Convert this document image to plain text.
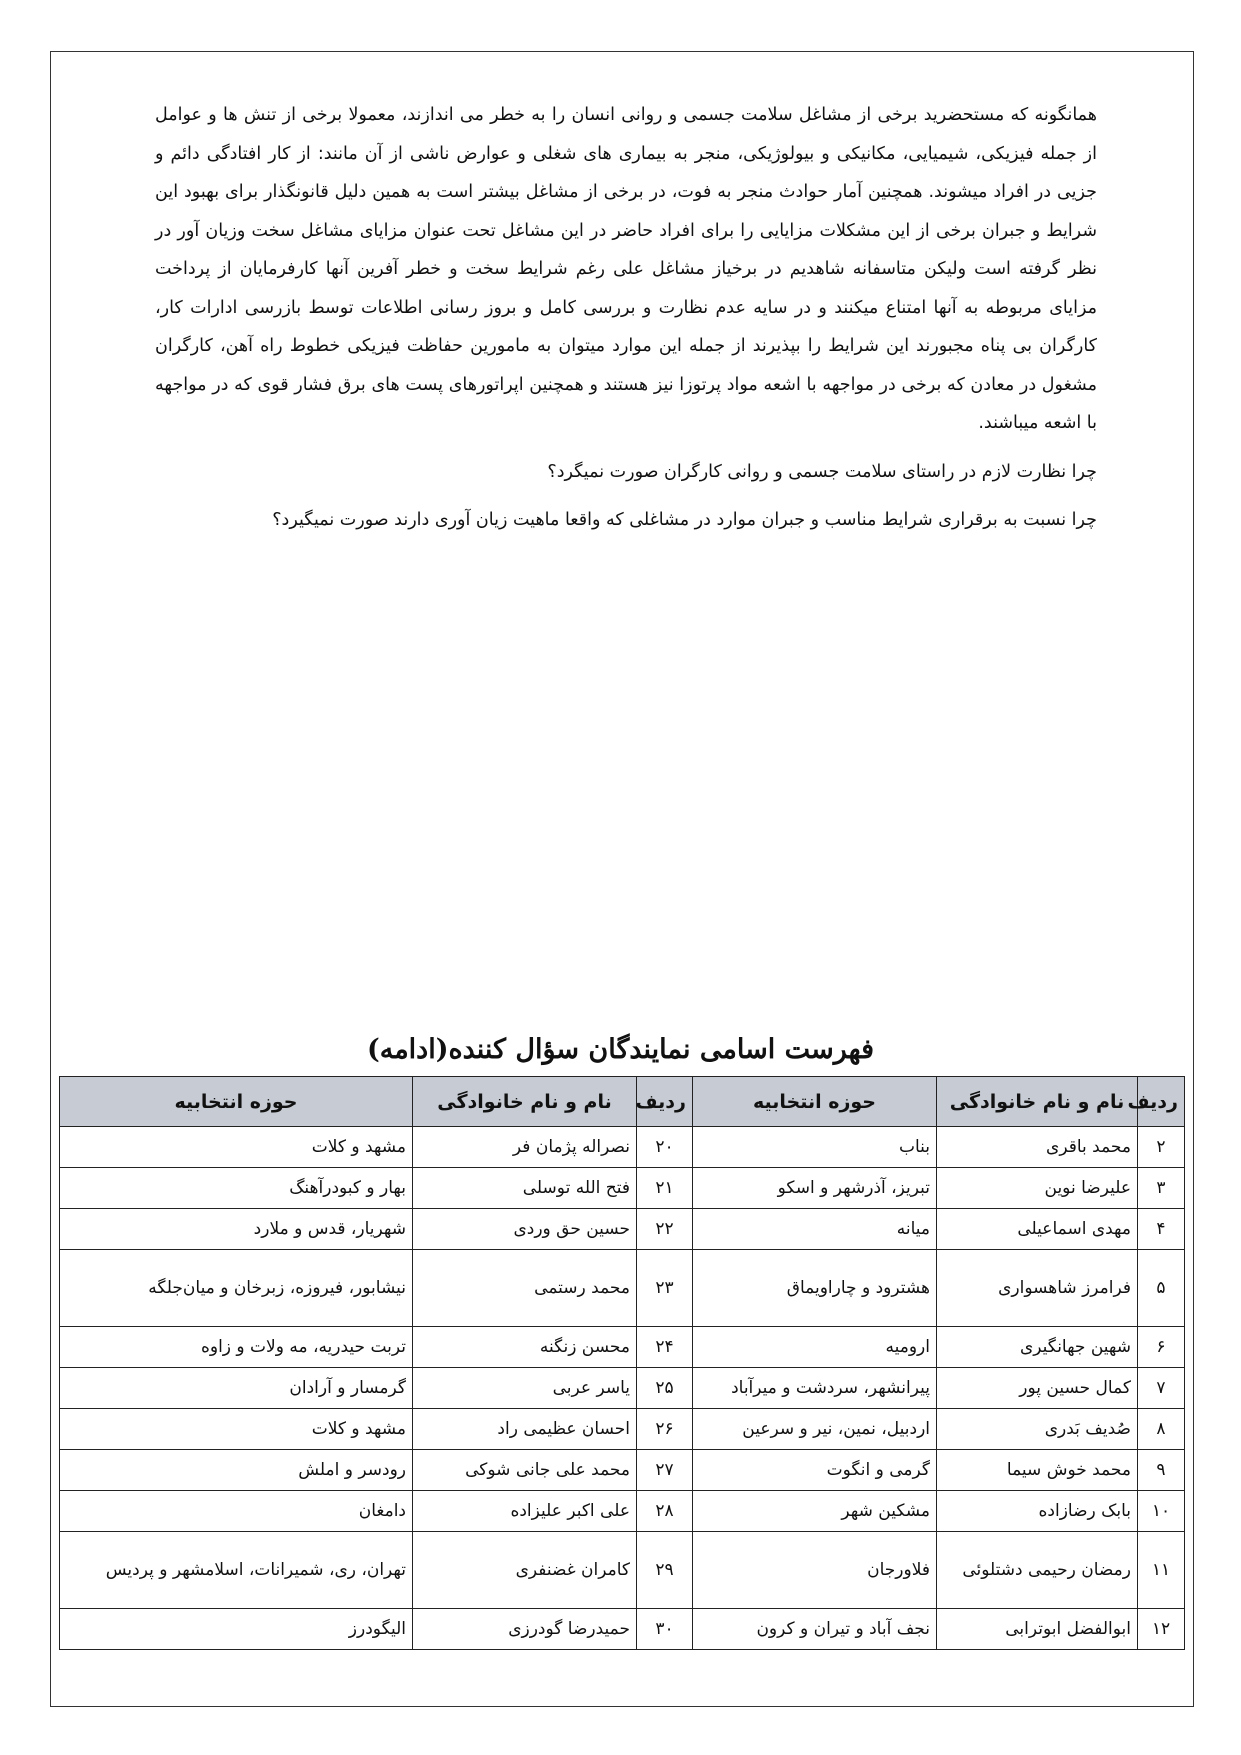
همانگونه که مستحضرید برخی از مشاغل سلامت جسمی و روانی انسان را به خطر می اندازند، معمولا برخی از تنش ها و عوامل از جمله فیزیکی، شیمیایی، مکانیکی و بیولوژیکی، منجر به بیماری های شغلی و عوارض ناشی از آن مانند: از کار افتادگی دائم و جزیی در افراد میشوند. همچنین آمار حوادث منجر به فوت، در برخی از مشاغل بیشتر است به همین دلیل قانونگذار برای بهبود این شرایط و جبران برخی از این مشکلات مزایایی را برای افراد حاضر در این مشاغل تحت عنوان مزایای مشاغل سخت وزیان آور در نظر گرفته است ولیکن متاسفانه شاهدیم در برخیاز مشاغل علی رغم شرایط سخت و خطر آفرین آنها کارفرمایان از پرداخت مزایای مربوطه به آنها امتناع میکنند و در سایه عدم نظارت و بررسی کامل و بروز رسانی اطلاعات توسط بازرسی ادارات کار، کارگران بی پناه مجبورند این شرایط را بپذیرند از جمله این موارد میتوان به مامورین حفاظت فیزیکی خطوط راه آهن، کارگران مشغول در معادن که برخی در مواجهه با اشعه مواد پرتوزا نیز هستند و همچنین اپراتورهای پست های برق فشار قوی که در مواجهه با اشعه میباشند.

چرا نظارت لازم در راستای سلامت جسمی و روانی کارگران صورت نمیگرد؟

چرا نسبت به برقراری شرایط مناسب و جبران موارد در مشاغلی که واقعا ماهیت زیان آوری دارند صورت نمیگیرد؟

فهرست اسامی نمایندگان سؤال کننده(ادامه)
ردیف	نام و نام خانوادگی	حوزه انتخابیه	ردیف	نام و نام خانوادگی	حوزه انتخابیه
۲	محمد باقری	بناب	۲۰	نصراله پژمان فر	مشهد و کلات
۳	علیرضا نوین	تبریز، آذرشهر و اسکو	۲۱	فتح الله توسلی	بهار و کبودرآهنگ
۴	مهدی اسماعیلی	میانه	۲۲	حسین حق وردی	شهریار، قدس و ملارد
۵	فرامرز شاهسواری	هشترود و چاراویماق	۲۳	محمد رستمی	نیشابور، فیروزه، زبرخان و میان‌جلگه
۶	شهین جهانگیری	ارومیه	۲۴	محسن زنگنه	تربت حیدریه، مه ولات و زاوه
۷	کمال حسین پور	پیرانشهر، سردشت و میرآباد	۲۵	یاسر عربی	گرمسار و آرادان
۸	صُدیف بَدری	اردبیل، نمین، نیر و سرعین	۲۶	احسان عظیمی راد	مشهد و کلات
۹	محمد خوش سیما	گرمی و انگوت	۲۷	محمد علی جانی شوکی	رودسر و املش
۱۰	بابک رضازاده	مشکین شهر	۲۸	علی اکبر علیزاده	دامغان
۱۱	رمضان رحیمی دشتلوئی	فلاورجان	۲۹	کامران غضنفری	تهران، ری، شمیرانات، اسلامشهر و پردیس
۱۲	ابوالفضل ابوترابی	نجف آباد و تیران و کرون	۳۰	حمیدرضا گودرزی	الیگودرز
